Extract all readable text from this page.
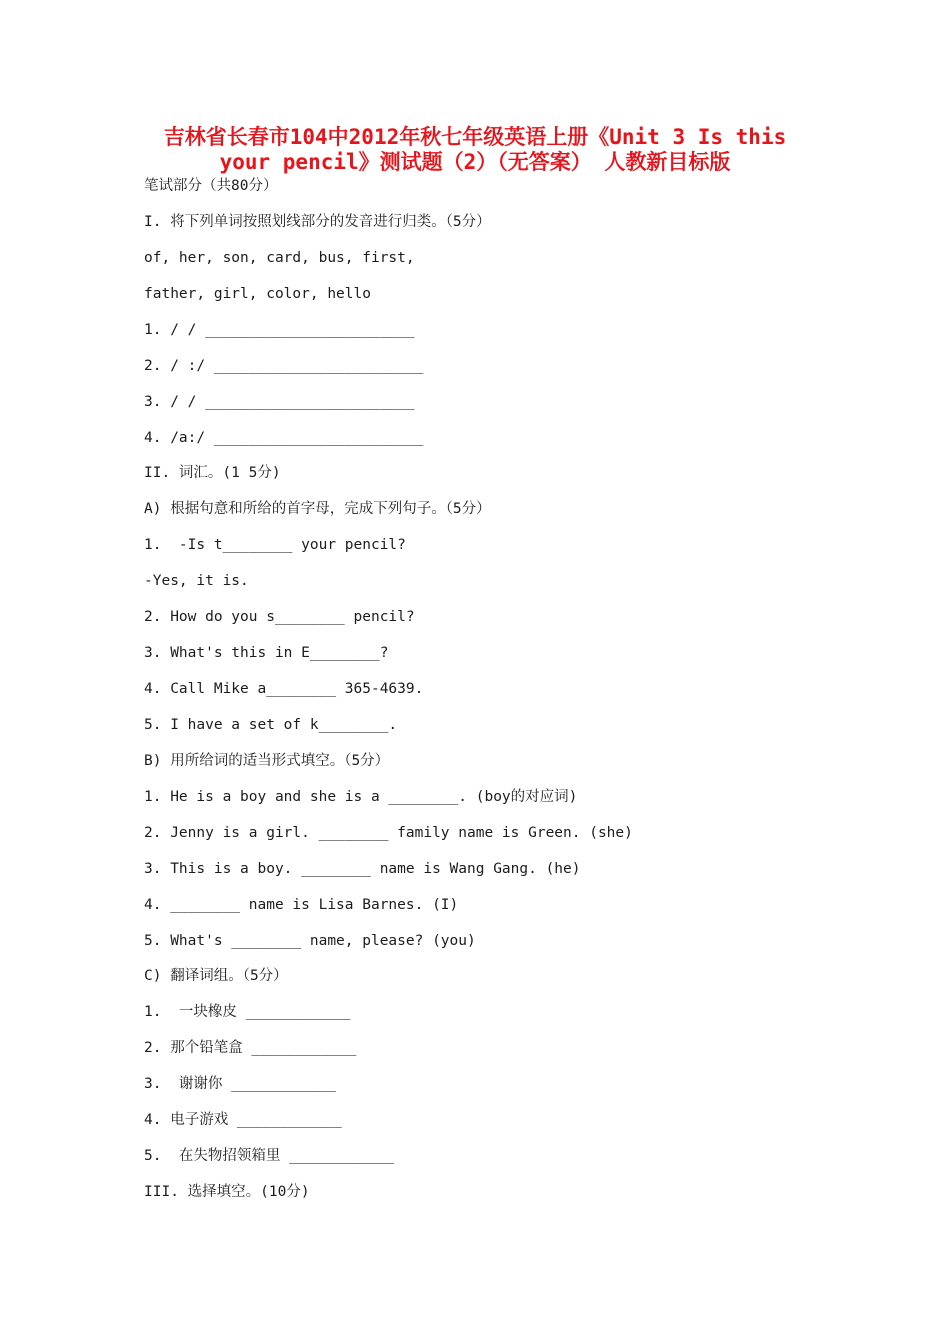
吉林省长春市104中2012年秋七年级英语上册《Unit 3 Is this
your pencil》测试题（2）（无答案） 人教新目标版
笔试部分（共80分）
I. 将下列单词按照划线部分的发音进行归类。（5分）
of, her, son, card, bus, first,
father, girl, color, hello
1. / / ________________________
2. / :/ ________________________
3. / / ________________________
4. /a:/ ________________________
II. 词汇。(1 5分)
A) 根据句意和所给的首字母，完成下列句子。（5分）
1.  -Is t________ your pencil?
-Yes, it is.
2. How do you s________ pencil?
3. What's this in E________?
4. Call Mike a________ 365-4639.
5. I have a set of k________.
B) 用所给词的适当形式填空。（5分）
1. He is a boy and she is a ________. (boy的对应词)
2. Jenny is a girl. ________ family name is Green. (she)
3. This is a boy. ________ name is Wang Gang. (he)
4. ________ name is Lisa Barnes. (I)
5. What's ________ name, please? (you)
C) 翻译词组。（5分）
1.  一块橡皮 ____________
2. 那个铅笔盒 ____________
3.  谢谢你 ____________
4. 电子游戏 ____________
5.  在失物招领箱里 ____________
III. 选择填空。(10分)
